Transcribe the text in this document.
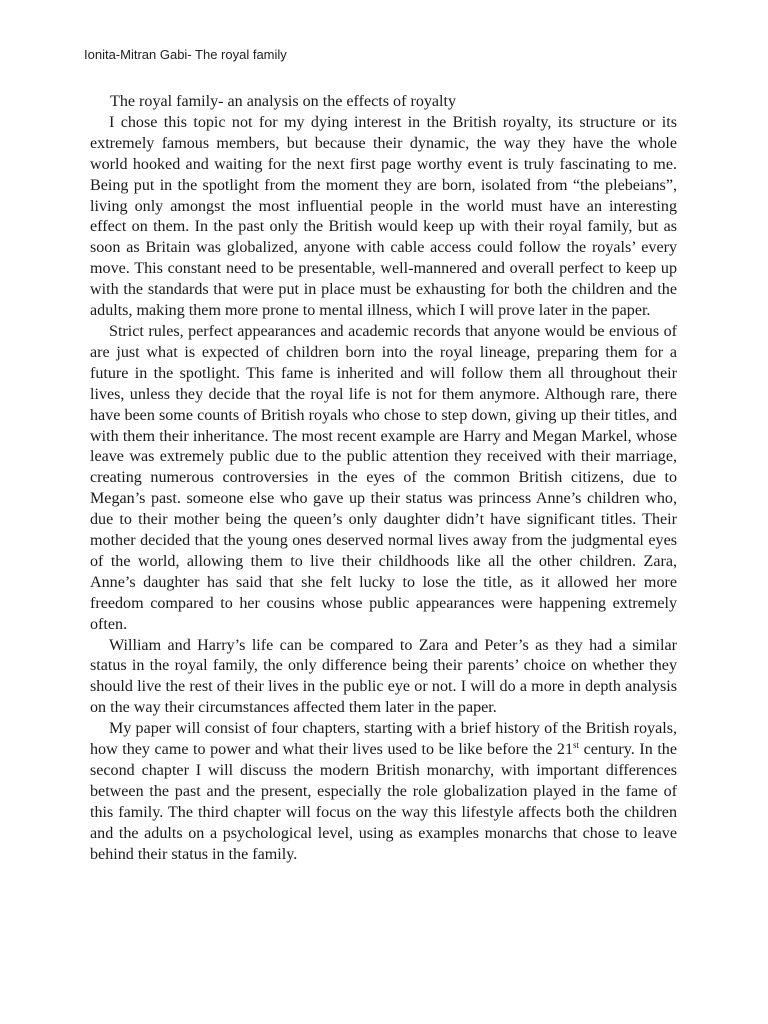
Ionita-Mitran Gabi- The royal family
The royal family- an analysis on the effects of royalty

I chose this topic not for my dying interest in the British royalty, its structure or its extremely famous members, but because their dynamic, the way they have the whole world hooked and waiting for the next first page worthy event is truly fascinating to me. Being put in the spotlight from the moment they are born, isolated from “the plebeians”, living only amongst the most influential people in the world must have an interesting effect on them. In the past only the British would keep up with their royal family, but as soon as Britain was globalized, anyone with cable access could follow the royals’ every move. This constant need to be presentable, well-mannered and overall perfect to keep up with the standards that were put in place must be exhausting for both the children and the adults, making them more prone to mental illness, which I will prove later in the paper.

Strict rules, perfect appearances and academic records that anyone would be envious of are just what is expected of children born into the royal lineage, preparing them for a future in the spotlight. This fame is inherited and will follow them all throughout their lives, unless they decide that the royal life is not for them anymore. Although rare, there have been some counts of British royals who chose to step down, giving up their titles, and with them their inheritance. The most recent example are Harry and Megan Markel, whose leave was extremely public due to the public attention they received with their marriage, creating numerous controversies in the eyes of the common British citizens, due to Megan’s past. someone else who gave up their status was princess Anne’s children who, due to their mother being the queen’s only daughter didn’t have significant titles. Their mother decided that the young ones deserved normal lives away from the judgmental eyes of the world, allowing them to live their childhoods like all the other children. Zara, Anne’s daughter has said that she felt lucky to lose the title, as it allowed her more freedom compared to her cousins whose public appearances were happening extremely often.

William and Harry’s life can be compared to Zara and Peter’s as they had a similar status in the royal family, the only difference being their parents’ choice on whether they should live the rest of their lives in the public eye or not. I will do a more in depth analysis on the way their circumstances affected them later in the paper.

My paper will consist of four chapters, starting with a brief history of the British royals, how they came to power and what their lives used to be like before the 21st century. In the second chapter I will discuss the modern British monarchy, with important differences between the past and the present, especially the role globalization played in the fame of this family. The third chapter will focus on the way this lifestyle affects both the children and the adults on a psychological level, using as examples monarchs that chose to leave behind their status in the family.
